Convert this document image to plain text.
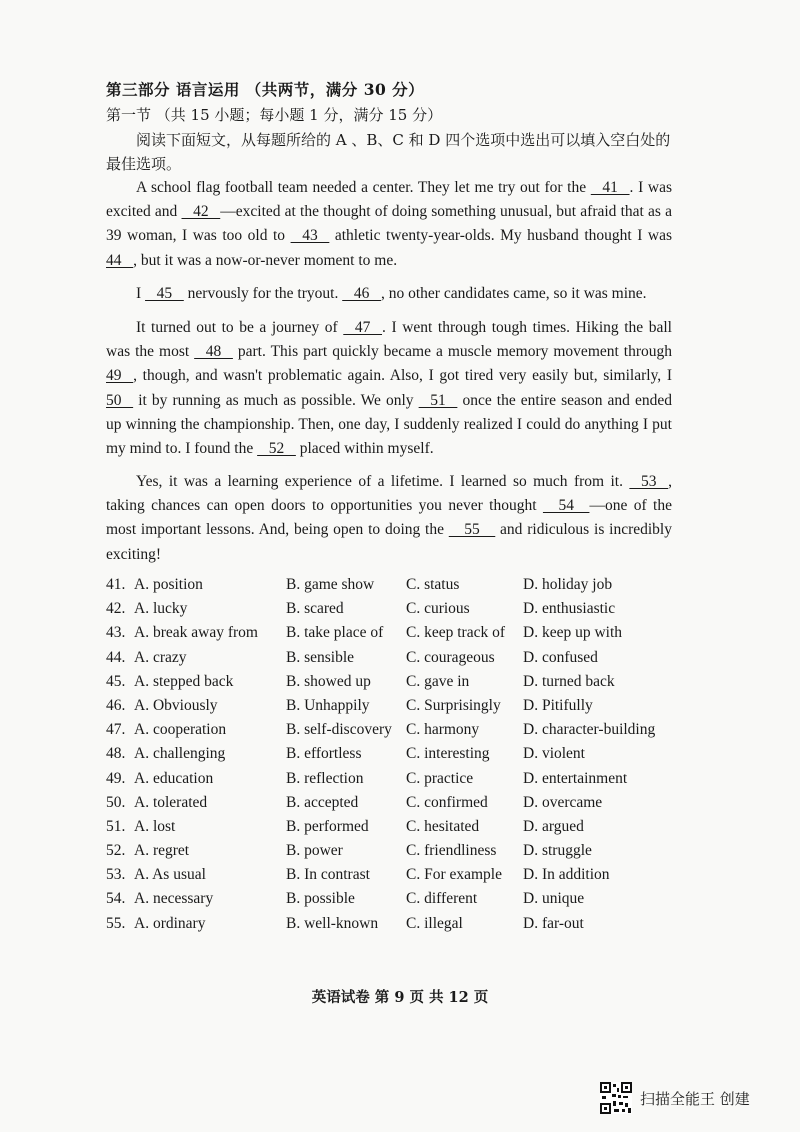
第三部分 语言运用 （共两节，满分 30 分）
第一节 （共 15 小题；每小题 1 分，满分 15 分）
阅读下面短文，从每题所给的 A 、B、C 和 D 四个选项中选出可以填入空白处的最佳选项。
A school flag football team needed a center. They let me try out for the    41   . I was excited and    42   —excited at the thought of doing something unusual, but afraid that as a 39 woman, I was too old to    43    athletic twenty-year-olds. My husband thought I was 44   , but it was a now-or-never moment to me.
I    45    nervously for the tryout.    46   , no other candidates came, so it was mine.
It turned out to be a journey of    47   . I went through tough times. Hiking the ball was the most    48    part. This part quickly became a muscle memory movement through 49   , though, and wasn't problematic again. Also, I got tired very easily but, similarly, I 50    it by running as much as possible. We only    51    once the entire season and ended up winning the championship. Then, one day, I suddenly realized I could do anything I put my mind to. I found the    52    placed within myself.
Yes, it was a learning experience of a lifetime. I learned so much from it.    53   , taking chances can open doors to opportunities you never thought     54    —one of the most important lessons. And, being open to doing the     55     and ridiculous is incredibly exciting!
41. A. position	B. game show C. status	D. holiday job
42. A. lucky	B. scared	C. curious	D. enthusiastic
43. A. break away from B. take place of C. keep track of D. keep up with
44. A. crazy	B. sensible	C. courageous D. confused
45. A. stepped back	B. showed up C. gave in	D. turned back
46. A. Obviously	B. Unhappily C. Surprisingly D. Pitifully
47. A. cooperation	B. self-discovery C. harmony	D. character-building
48. A. challenging	B. effortless	C. interesting D. violent
49. A. education	B. reflection	C. practice	D. entertainment
50. A. tolerated	B. accepted	C. confirmed D. overcame
51. A. lost	B. performed C. hesitated	D. argued
52. A. regret	B. power	C. friendliness D. struggle
53. A. As usual	B. In contrast C. For example D. In addition
54. A. necessary	B. possible	C. different	D. unique
55. A. ordinary	B. well-known C. illegal	D. far-out
英语试卷 第 9 页 共 12 页
扫描全能王 创建
